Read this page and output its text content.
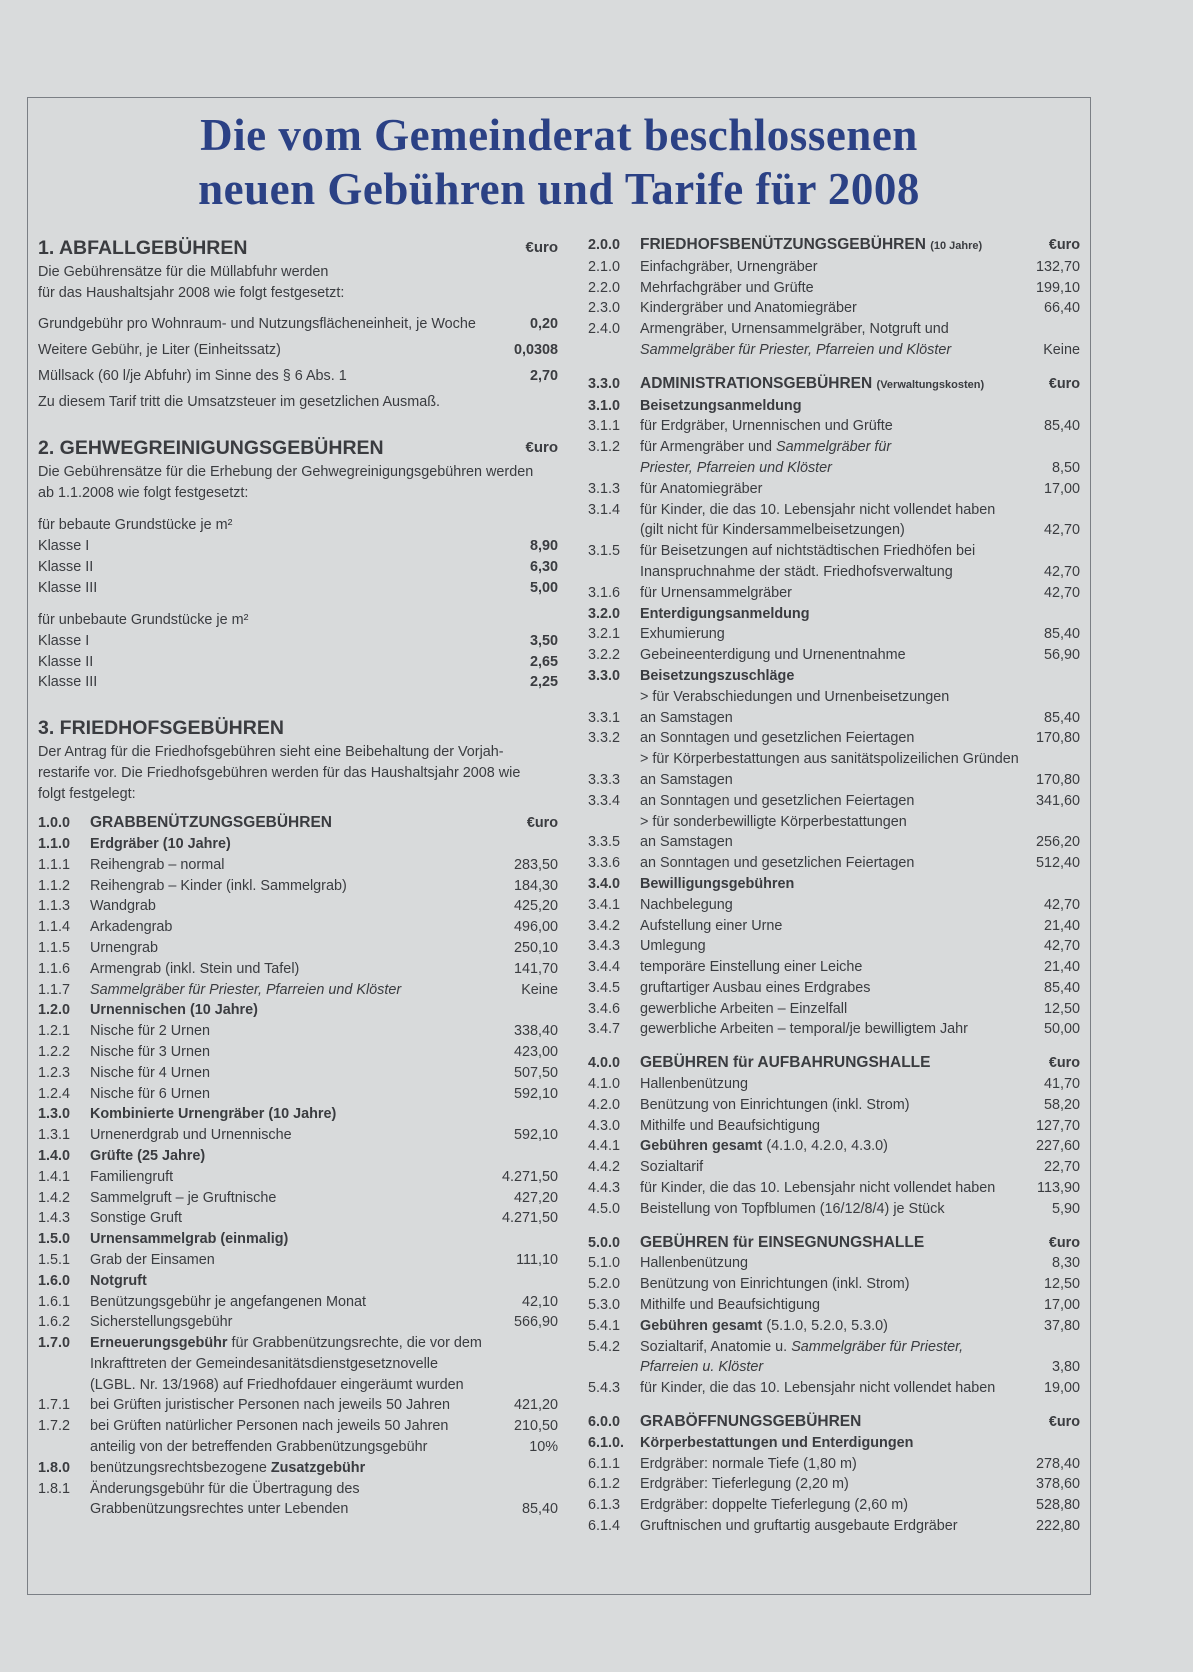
Die vom Gemeinderat beschlossenen
neuen Gebühren und Tarife für 2008
1. ABFALLGEBÜHREN	€uro
Die Gebührensätze für die Müllabfuhr werden
für das Haushaltsjahr 2008 wie folgt festgesetzt:
Grundgebühr pro Wohnraum- und Nutzungsflächeneinheit, je Woche	0,20
Weitere Gebühr, je Liter (Einheitssatz)	0,0308
Müllsack (60 l/je Abfuhr) im Sinne des § 6 Abs. 1	2,70
Zu diesem Tarif tritt die Umsatzsteuer im gesetzlichen Ausmaß.
2. GEHWEGREINIGUNGSGEBÜHREN	€uro
Die Gebührensätze für die Erhebung der Gehwegreinigungsgebühren werden
ab 1.1.2008 wie folgt festgesetzt:
für bebaute Grundstücke je m²
Klasse I	8,90
Klasse II	6,30
Klasse III	5,00
für unbebaute Grundstücke je m²
Klasse I	3,50
Klasse II	2,65
Klasse III	2,25
3. FRIEDHOFSGEBÜHREN
Der Antrag für die Friedhofsgebühren sieht eine Beibehaltung der Vorjah-
restarife vor. Die Friedhofsgebühren werden für das Haushaltsjahr 2008 wie
folgt festgelegt:
1.0.0	GRABBENÜTZUNGSGEBÜHREN	€uro
1.1.0	Erdgräber (10 Jahre)
1.1.1	Reihengrab – normal	283,50
1.1.2	Reihengrab – Kinder (inkl. Sammelgrab)	184,30
1.1.3	Wandgrab	425,20
1.1.4	Arkadengrab	496,00
1.1.5	Urnengrab	250,10
1.1.6	Armengrab (inkl. Stein und Tafel)	141,70
1.1.7	Sammelgräber für Priester, Pfarreien und Klöster	Keine
1.2.0	Urnennischen (10 Jahre)
1.2.1	Nische für 2 Urnen	338,40
1.2.2	Nische für 3 Urnen	423,00
1.2.3	Nische für 4 Urnen	507,50
1.2.4	Nische für 6 Urnen	592,10
1.3.0	Kombinierte Urnengräber (10 Jahre)
1.3.1	Urnenerdgrab und Urnennische	592,10
1.4.0	Grüfte (25 Jahre)
1.4.1	Familiengruft	4.271,50
1.4.2	Sammelgruft – je Gruftnische	427,20
1.4.3	Sonstige Gruft	4.271,50
1.5.0	Urnensammelgrab (einmalig)
1.5.1	Grab der Einsamen	111,10
1.6.0	Notgruft
1.6.1	Benützungsgebühr je angefangenen Monat	42,10
1.6.2	Sicherstellungsgebühr	566,90
1.7.0	Erneuerungsgebühr für Grabbenützungsrechte, die vor dem
Inkrafttreten der Gemeindesanitätsdienstgesetznovelle
(LGBL. Nr. 13/1968) auf Friedhofdauer eingeräumt wurden
1.7.1	bei Grüften juristischer Personen nach jeweils 50 Jahren	421,20
1.7.2	bei Grüften natürlicher Personen nach jeweils 50 Jahren	210,50
anteilig von der betreffenden Grabbenützungsgebühr	10%
1.8.0	benützungsrechtsbezogene Zusatzgebühr
1.8.1	Änderungsgebühr für die Übertragung des
Grabbenützungsrechtes unter Lebenden	85,40
2.0.0	FRIEDHOFSBENÜTZUNGSGEBÜHREN (10 Jahre)	€uro
2.1.0	Einfachgräber, Urnengräber	132,70
2.2.0	Mehrfachgräber und Grüfte	199,10
2.3.0	Kindergräber und Anatomiegräber	66,40
2.4.0	Armengräber, Urnensammelgräber, Notgruft und
Sammelgräber für Priester, Pfarreien und Klöster	Keine
3.3.0	ADMINISTRATIONSGEBÜHREN (Verwaltungskosten)	€uro
3.1.0	Beisetzungsanmeldung
3.1.1	für Erdgräber, Urnennischen und Grüfte	85,40
3.1.2	für Armengräber und Sammelgräber für
Priester, Pfarreien und Klöster	8,50
3.1.3	für Anatomiegräber	17,00
3.1.4	für Kinder, die das 10. Lebensjahr nicht vollendet haben
(gilt nicht für Kindersammelbeisetzungen)	42,70
3.1.5	für Beisetzungen auf nichtstädtischen Friedhöfen bei
Inanspruchnahme der städt. Friedhofsverwaltung	42,70
3.1.6	für Urnensammelgräber	42,70
3.2.0	Enterdigungsanmeldung
3.2.1	Exhumierung	85,40
3.2.2	Gebeineenterdigung und Urnenentnahme	56,90
3.3.0	Beisetzungszuschläge
> für Verabschiedungen und Urnenbeisetzungen
3.3.1	an Samstagen	85,40
3.3.2	an Sonntagen und gesetzlichen Feiertagen	170,80
> für Körperbestattungen aus sanitätspolizeilichen Gründen
3.3.3	an Samstagen	170,80
3.3.4	an Sonntagen und gesetzlichen Feiertagen	341,60
> für sonderbewilligte Körperbestattungen
3.3.5	an Samstagen	256,20
3.3.6	an Sonntagen und gesetzlichen Feiertagen	512,40
3.4.0	Bewilligungsgebühren
3.4.1	Nachbelegung	42,70
3.4.2	Aufstellung einer Urne	21,40
3.4.3	Umlegung	42,70
3.4.4	temporäre Einstellung einer Leiche	21,40
3.4.5	gruftartiger Ausbau eines Erdgrabes	85,40
3.4.6	gewerbliche Arbeiten – Einzelfall	12,50
3.4.7	gewerbliche Arbeiten – temporal/je bewilligtem Jahr	50,00
4.0.0	GEBÜHREN für AUFBAHRUNGSHALLE	€uro
4.1.0	Hallenbenützung	41,70
4.2.0	Benützung von Einrichtungen (inkl. Strom)	58,20
4.3.0	Mithilfe und Beaufsichtigung	127,70
4.4.1	Gebühren gesamt (4.1.0, 4.2.0, 4.3.0)	227,60
4.4.2	Sozialtarif	22,70
4.4.3	für Kinder, die das 10. Lebensjahr nicht vollendet haben	113,90
4.5.0	Beistellung von Topfblumen (16/12/8/4) je Stück	5,90
5.0.0	GEBÜHREN für EINSEGNUNGSHALLE	€uro
5.1.0	Hallenbenützung	8,30
5.2.0	Benützung von Einrichtungen (inkl. Strom)	12,50
5.3.0	Mithilfe und Beaufsichtigung	17,00
5.4.1	Gebühren gesamt (5.1.0, 5.2.0, 5.3.0)	37,80
5.4.2	Sozialtarif, Anatomie u. Sammelgräber für Priester,
Pfarreien u. Klöster	3,80
5.4.3	für Kinder, die das 10. Lebensjahr nicht vollendet haben	19,00
6.0.0	GRABÖFFNUNGSGEBÜHREN	€uro
6.1.0.	Körperbestattungen und Enterdigungen
6.1.1	Erdgräber: normale Tiefe (1,80 m)	278,40
6.1.2	Erdgräber: Tieferlegung (2,20 m)	378,60
6.1.3	Erdgräber: doppelte Tieferlegung (2,60 m)	528,80
6.1.4	Gruftnischen und gruftartig ausgebaute Erdgräber	222,80
